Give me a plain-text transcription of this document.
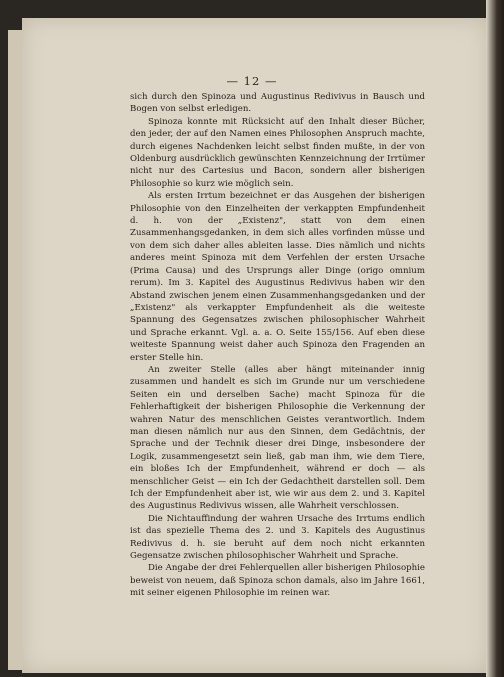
— 12 —

sich durch den Spinoza und Augustinus Redivivus in Bausch und Bogen von selbst erledigen.

Spinoza konnte mit Rücksicht auf den Inhalt dieser Bücher, den jeder, der auf den Namen eines Philosophen Anspruch machte, durch eigenes Nachdenken leicht selbst finden mußte, in der von Oldenburg ausdrücklich gewünschten Kennzeichnung der Irrtümer nicht nur des Cartesius und Bacon, sondern aller bisherigen Philosophie so kurz wie möglich sein.

Als ersten Irrtum bezeichnet er das Ausgehen der bisherigen Philosophie von den Einzelheiten der verkappten Empfundenheit d. h. von der „Existenz", statt von dem einen Zusammenhangsgedanken, in dem sich alles vorfinden müsse und von dem sich daher alles ableiten lasse. Dies nämlich und nichts anderes meint Spinoza mit dem Verfehlen der ersten Ursache (Prima Causa) und des Ursprungs aller Dinge (origo omnium rerum). Im 3. Kapitel des Augustinus Redivivus haben wir den Abstand zwischen jenem einen Zusammenhangsgedanken und der „Existenz" als verkappter Empfundenheit als die weiteste Spannung des Gegensatzes zwischen philosophischer Wahrheit und Sprache erkannt. Vgl. a. a. O. Seite 155/156. Auf eben diese weiteste Spannung weist daher auch Spinoza den Fragenden an erster Stelle hin.

An zweiter Stelle (alles aber hängt miteinander innig zusammen und handelt es sich im Grunde nur um verschiedene Seiten ein und derselben Sache) macht Spinoza für die Fehlerhaftigkeit der bisherigen Philosophie die Verkennung der wahren Natur des menschlichen Geistes verantwortlich. Indem man diesen nämlich nur aus den Sinnen, dem Gedächtnis, der Sprache und der Technik dieser drei Dinge, insbesondere der Logik, zusammengesetzt sein ließ, gab man ihm, wie dem Tiere, ein bloßes Ich der Empfundenheit, während er doch — als menschlicher Geist — ein Ich der Gedachtheit darstellen soll. Dem Ich der Empfundenheit aber ist, wie wir aus dem 2. und 3. Kapitel des Augustinus Redivivus wissen, alle Wahrheit verschlossen.

Die Nichtauffindung der wahren Ursache des Irrtums endlich ist das spezielle Thema des 2. und 3. Kapitels des Augustinus Redivivus d. h. sie beruht auf dem noch nicht erkannten Gegensatze zwischen philosophischer Wahrheit und Sprache.

Die Angabe der drei Fehlerquellen aller bisherigen Philosophie beweist von neuem, daß Spinoza schon damals, also im Jahre 1661, mit seiner eigenen Philosophie im reinen war.
